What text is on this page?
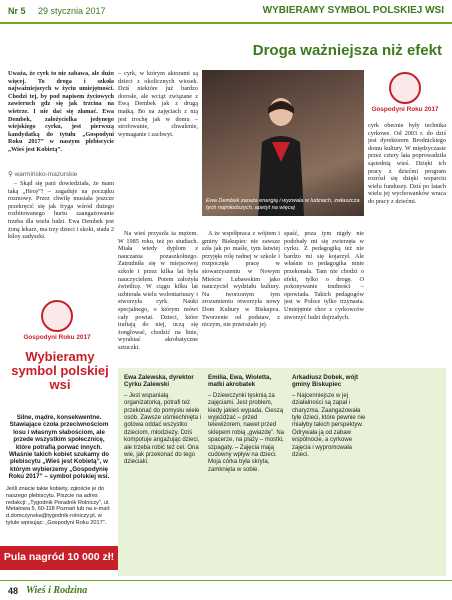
Nr 5 29 stycznia 2017	WYBIERAMY SYMBOL POLSKIEJ WSI
Droga ważniejsza niż efekt

Uważa, że cyrk to nie zabawa, ale dużo więcej. To droga i szkoła najważniejszych w życiu umiejętności. Chodzi tej, by pod napisem życiowych zawieruch gdz się jak trzcina na wietrze. I nie dać się złamać. Ewa Dembek, założycielka jedynego wiejskiego cyrku, jest pierwszą kandydatką do tytułu „Gospodyni Roku 2017” w naszym plebiscycie „Wieś jest Kobietą”.

⚲ warmińsko-mazurskie

– Skąd się pani dowiedziała, że mam taką „Hecę”? – zagaduje na początku rozmowy. Przez chwilę musiała jeszcze przekręcić się jak fryga wśród dużego rozbitowanego hurtu zaangażowanie trzeba dla wielu ludzi. Ewa Dembek jest żoną lekarz, ma trzy dzieci i skoki, stada 2 kiloy zadyszki.

– cyrk, w którym aktorami są dzieci z okolicznych wiosek. Dziś niektóre już bardzo dorosłe, ale wciąż związane z Ewą Dembek jak z drugą matką. Bo na zajęciach z nią jest trochę jak w domu – strofowanie, chwalenie, wymaganie i zachwyt.

Na wieś przyszła ta mężem. W 1985 roku, też po studiach. Miała wtedy dyplom z nauczania pozaszkolnego. Zatrudniła się w miejscowej szkole i przez kilka lat była nauczycielem. Potem założyła świetlicę. W ciągu kilku lat uzbierała wielu wolontariuszy i stworzyła cyrk. Nauki specjalnego, o którym mówi cały powiat. Dzieci, które trafiają do niej, uczą się żonglować, chodzić na linie, wyrabiać akrobatyczne sztuczki.

Ewa Dembek zaraża energią i wyzwala w ludziach, zwłaszcza tych najmłodszych, apetyt na więcej
Gospodyni Roku 2017

A że współpraca z wójtem i gminy Biskupiec nie zawsze szła jak po maśle, tym łatwiej przyjęła rolę radnej w szkole i rozpoczęła pracę w stowarzyszeniu w Nowym Mieście Lubawskim jako nauczyciel wydziału kultury. Na tworzonym tym zrozumieniu otworzyła nowy Dom Kultury w Biskupcu. Tworzenie od podstaw, z niczym, nie przerażało jej.

spaść, poza tym nigdy nie podobały mi się zwierzęta w cyrku. Z pedagogiką też nie bardzo mi się kojarzył. Ale właśnie to pedagogika mnie przekonała. Tam nie chodzi o efekt, tylko o drogę. O pokonywanie trudności – opowiada. Takich pedagogów jest w Polsce tylko trzynasta. Umiejętnie chce z cyrkowców stworzyć ludzi dojrzałych.

cyrk obecnie były technika cyrkowe. Od 2003 r. do dziś jest dyrektorem Brodnickiego domu kultury. W międzyczasie przez cztery lata poprowadziła sąsiednią wieś. Dzięki ich pracy z dziećmi program rozrósł się dzięki wsparciu wielu funduszy. Dziś po latach wielu jej wychowanków wraca do pracy z dziećmi.

Gospodyni Roku 2017
Wybieramy symbol polskiej wsi
Silne, mądre, konsekwentne. Stawiające czoła przeciwnościom losu i własnym słabościom, ale przede wszystkim społecznicę, które potrafią porwać innych. Właśnie takich kobiet szukamy do plebiscytu „Wieś jest Kobietą”, w którym wybierzemy „Gospodynię Roku 2017” – symbol polskiej wsi.
Jeśli znacie takie kobiety, zgłoście je do naszego plebiscytu. Piszcie na adres redakcji: „Tygodnik Poradnik Rolniczy”, ul. Metalowa 5, 60-118 Poznań lub na e-mail: d.domczynska@tygodnik-rolniczy.pl, w tytule wpisując: „Gospodyni Roku 2017”.
Pula nagród 10 000 zł!
Ewa Zalewska, dyrektor Cyrku Zalewski
– Jest wspaniałą organizatorką, potrafi też przekonać do pomysłu wiele osób. Zawsze uśmiechnięta i gotowa oddać wszystko dzieciom, młodzieży. Dziś kompotuje angażując dzieci, ale trzeba robić też cel. Ona wie, jak przekonać do tego dzieciaki.
Emilia, Ewa, Wioletta, matki akrobatek
– Dziewczynki tęsknią za zajęciami. Jest problem, kiedy jakieś wypada. Cieszą wyjeżdżać – przed telewizorem, nawet przed sklepem robią „gwiazdę”. Na spacerze, na plaży – mostki, szpagaty. – Zajęcia mają cudowny wpływ na dzieci. Moja córka była skryta, zamknięta w sobie.
Arkadiusz Dobek, wójt gminy Biskupiec
– Najcenniejsze w jej działalności są zapał i charyzma. Zaangażowała tyle dzieci, które pewnie nie miałyby takich perspektyw. Odrywała ją od zabaw wspólnocie, a cyrkowe zajęcia i wypromowała dzieci.
48 Wieś i Rodzina
